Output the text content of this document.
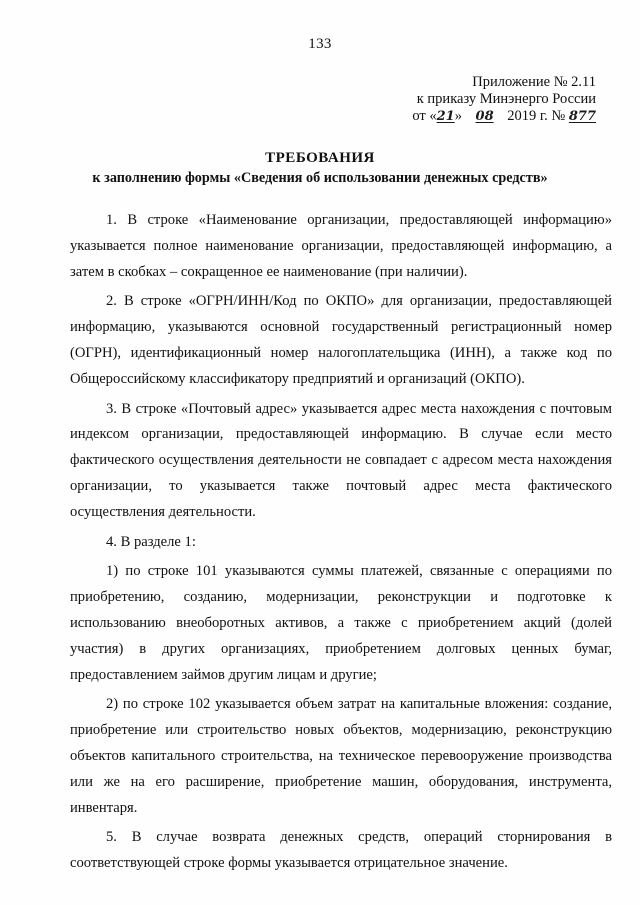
133
Приложение № 2.11
к приказу Минэнерго России
от «21» 08 2019 г. № 877
ТРЕБОВАНИЯ
к заполнению формы «Сведения об использовании денежных средств»

1. В строке «Наименование организации, предоставляющей информацию» указывается полное наименование организации, предоставляющей информацию, а затем в скобках – сокращенное ее наименование (при наличии).

2. В строке «ОГРН/ИНН/Код по ОКПО» для организации, предоставляющей информацию, указываются основной государственный регистрационный номер (ОГРН), идентификационный номер налогоплательщика (ИНН), а также код по Общероссийскому классификатору предприятий и организаций (ОКПО).

3. В строке «Почтовый адрес» указывается адрес места нахождения с почтовым индексом организации, предоставляющей информацию. В случае если место фактического осуществления деятельности не совпадает с адресом места нахождения организации, то указывается также почтовый адрес места фактического осуществления деятельности.

4. В разделе 1:

1) по строке 101 указываются суммы платежей, связанные с операциями по приобретению, созданию, модернизации, реконструкции и подготовке к использованию внеоборотных активов, а также с приобретением акций (долей участия) в других организациях, приобретением долговых ценных бумаг, предоставлением займов другим лицам и другие;

2) по строке 102 указывается объем затрат на капитальные вложения: создание, приобретение или строительство новых объектов, модернизацию, реконструкцию объектов капитального строительства, на техническое перевооружение производства или же на его расширение, приобретение машин, оборудования, инструмента, инвентаря.

5. В случае возврата денежных средств, операций сторнирования в соответствующей строке формы указывается отрицательное значение.
